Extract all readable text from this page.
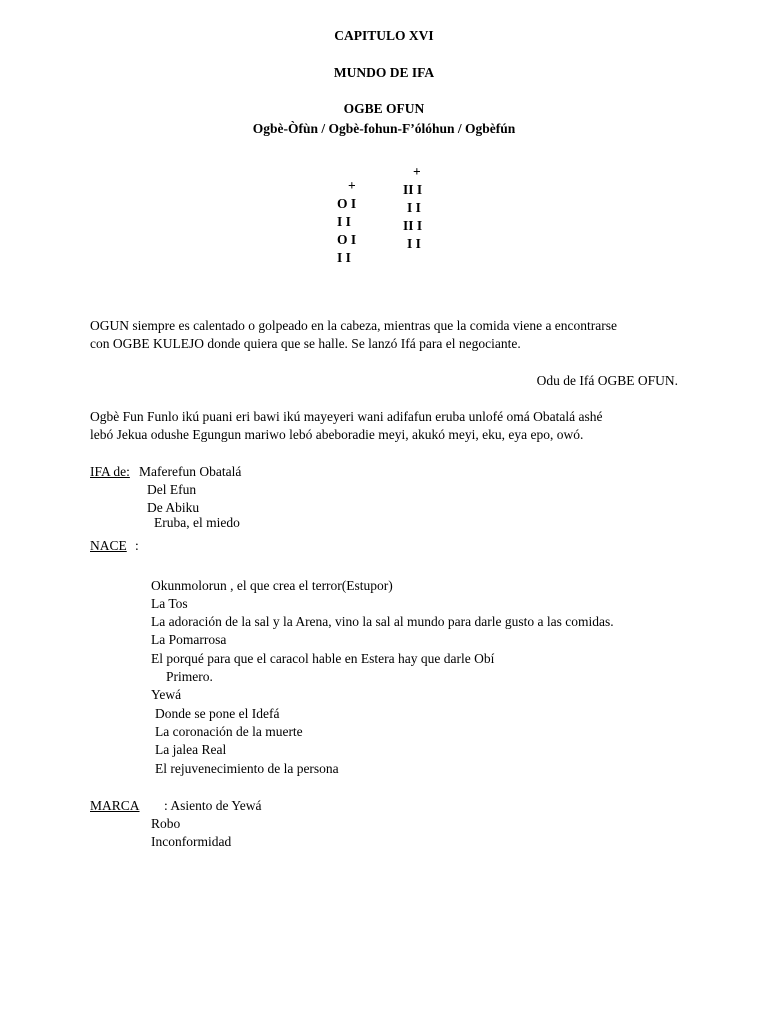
CAPITULO XVI
MUNDO DE IFA
OGBE OFUN
Ogbè-Òfùn / Ogbè-fohun-F’ólóhun / Ogbèfún
+
O I
I I
O I
I I
+
II I
I I
II I
I I
OGUN siempre es calentado o golpeado en la cabeza, mientras que la comida viene a encontrarse
con OGBE KULEJO donde quiera que se halle. Se lanzó Ifá para el negociante.
Odu de Ifá OGBE OFUN.
Ogbè Fun Funlo ikú puani eri bawi ikú mayeyeri wani adifafun eruba unlofé omá Obatalá ashé
lebó Jekua odushe Egungun mariwo lebó abeboradie meyi, akukó meyi, eku, eya epo, owó.
IFA de: Maferefun Obatalá
Del Efun
De Abiku
Eruba, el miedo
NACE :
Okunmolorun , el que crea el terror(Estupor)
La Tos
La adoración de la sal y la Arena, vino la sal al mundo para darle gusto a las comidas.
La Pomarrosa
El porqué para que el caracol hable en Estera hay que darle Obí
Primero.
Yewá
Donde se pone el Idefá
La coronación de la muerte
La jalea Real
El rejuvenecimiento de la persona
MARCA : Asiento de Yewá
Robo
Inconformidad
